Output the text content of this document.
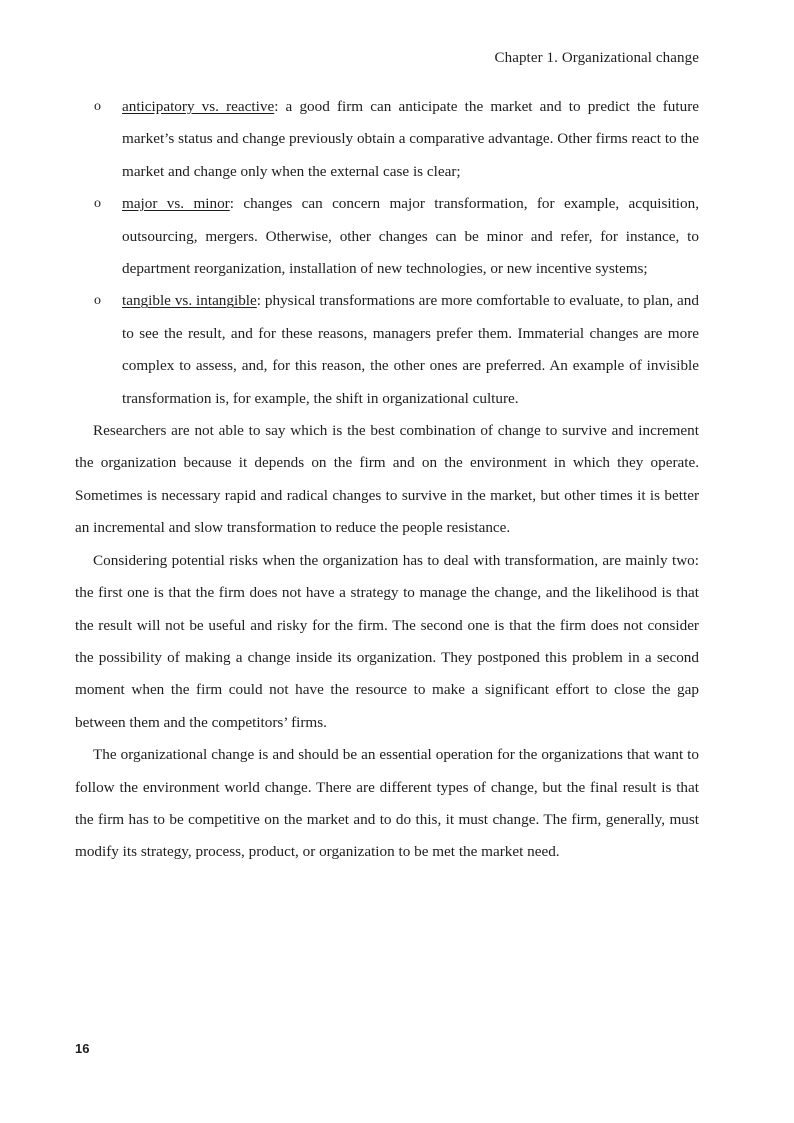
Chapter 1. Organizational change
o anticipatory vs. reactive: a good firm can anticipate the market and to predict the future market’s status and change previously obtain a comparative advantage. Other firms react to the market and change only when the external case is clear;
o major vs. minor: changes can concern major transformation, for example, acquisition, outsourcing, mergers. Otherwise, other changes can be minor and refer, for instance, to department reorganization, installation of new technologies, or new incentive systems;
o tangible vs. intangible: physical transformations are more comfortable to evaluate, to plan, and to see the result, and for these reasons, managers prefer them. Immaterial changes are more complex to assess, and, for this reason, the other ones are preferred. An example of invisible transformation is, for example, the shift in organizational culture.

Researchers are not able to say which is the best combination of change to survive and increment the organization because it depends on the firm and on the environment in which they operate. Sometimes is necessary rapid and radical changes to survive in the market, but other times it is better an incremental and slow transformation to reduce the people resistance.

Considering potential risks when the organization has to deal with transformation, are mainly two: the first one is that the firm does not have a strategy to manage the change, and the likelihood is that the result will not be useful and risky for the firm. The second one is that the firm does not consider the possibility of making a change inside its organization. They postponed this problem in a second moment when the firm could not have the resource to make a significant effort to close the gap between them and the competitors’ firms.

The organizational change is and should be an essential operation for the organizations that want to follow the environment world change. There are different types of change, but the final result is that the firm has to be competitive on the market and to do this, it must change. The firm, generally, must modify its strategy, process, product, or organization to be met the market need.

16
